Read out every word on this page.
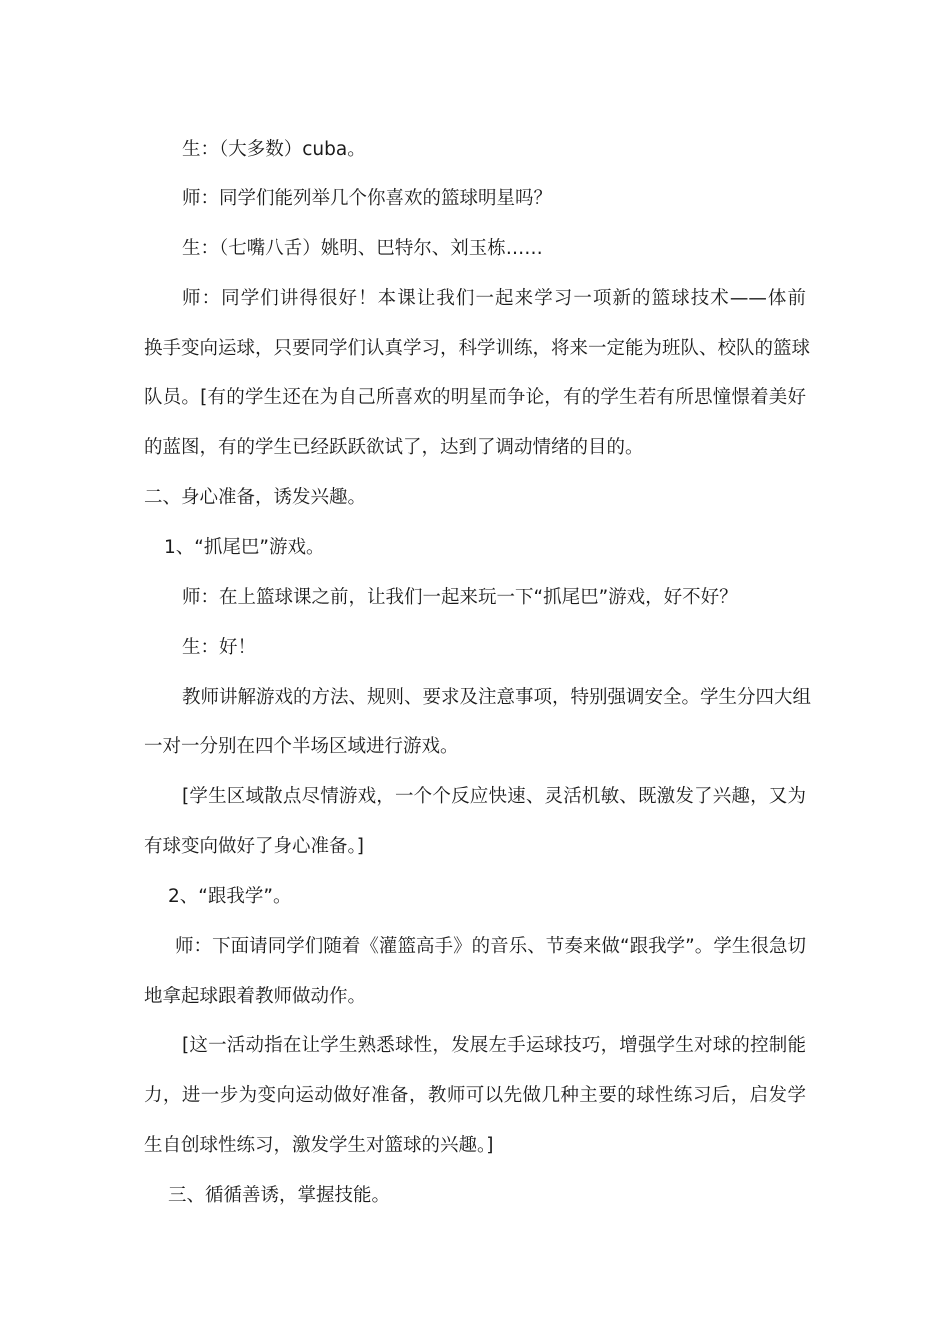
生：（大多数）cuba。
师：同学们能列举几个你喜欢的篮球明星吗？
生：（七嘴八舌）姚明、巴特尔、刘玉栋……
师：同学们讲得很好！本课让我们一起来学习一项新的篮球技术——体前
换手变向运球，只要同学们认真学习，科学训练，将来一定能为班队、校队的篮球
队员。[有的学生还在为自己所喜欢的明星而争论，有的学生若有所思憧憬着美好
的蓝图，有的学生已经跃跃欲试了，达到了调动情绪的目的。
二、身心准备，诱发兴趣。
1、“抓尾巴”游戏。
师：在上篮球课之前，让我们一起来玩一下“抓尾巴”游戏，好不好？
生：好！
教师讲解游戏的方法、规则、要求及注意事项，特别强调安全。学生分四大组
一对一分别在四个半场区域进行游戏。
[学生区域散点尽情游戏，一个个反应快速、灵活机敏、既激发了兴趣，又为
有球变向做好了身心准备。]
2、“跟我学”。
师：下面请同学们随着《灌篮高手》的音乐、节奏来做“跟我学”。学生很急切
地拿起球跟着教师做动作。
[这一活动指在让学生熟悉球性，发展左手运球技巧，增强学生对球的控制能
力，进一步为变向运动做好准备，教师可以先做几种主要的球性练习后，启发学
生自创球性练习，激发学生对篮球的兴趣。]
三、循循善诱，掌握技能。
